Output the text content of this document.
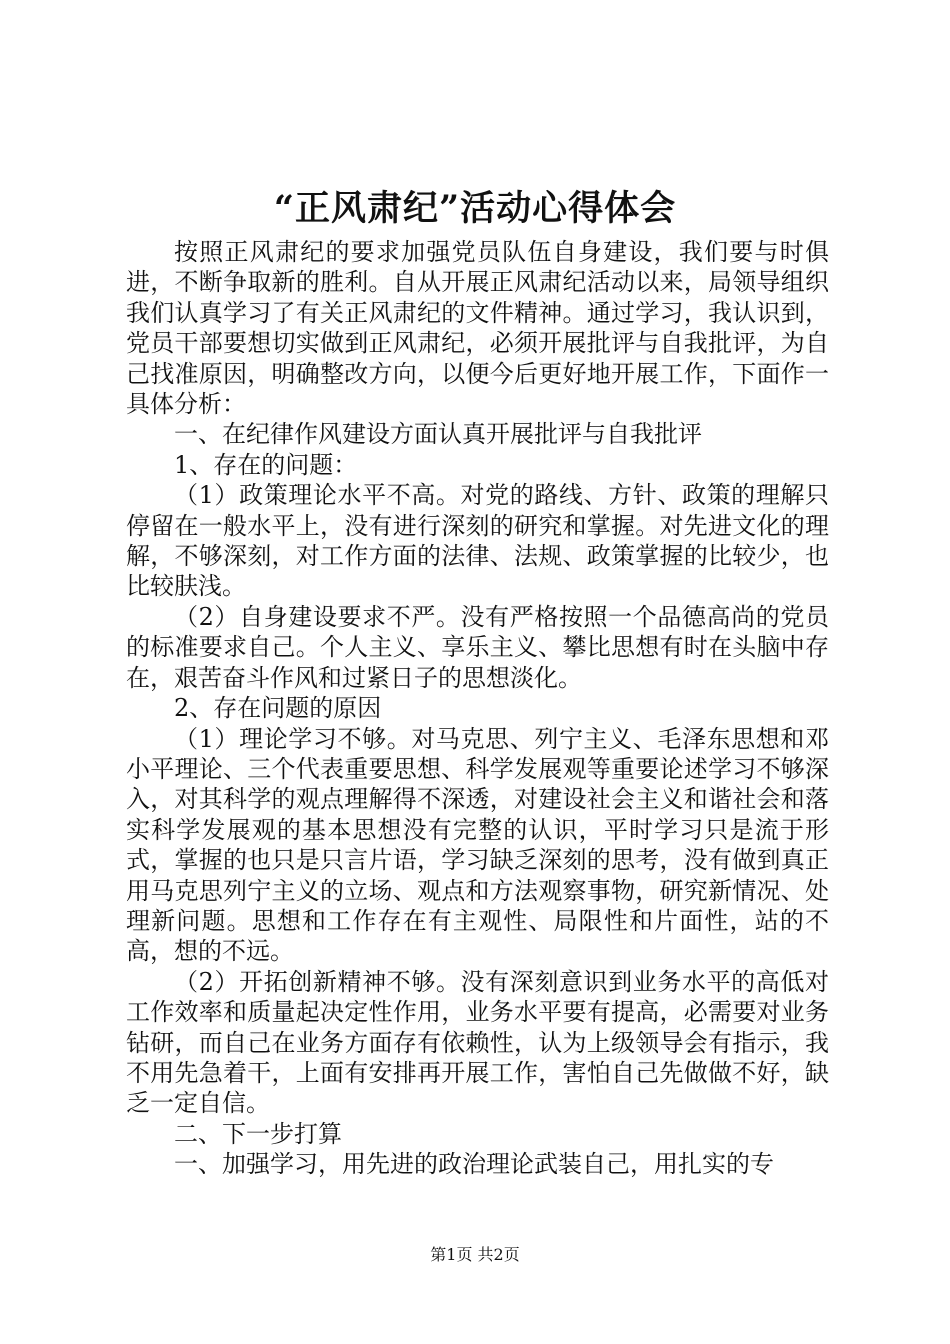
“正风肃纪”活动心得体会

按照正风肃纪的要求加强党员队伍自身建设，我们要与时俱进，不断争取新的胜利。自从开展正风肃纪活动以来，局领导组织我们认真学习了有关正风肃纪的文件精神。通过学习，我认识到，党员干部要想切实做到正风肃纪，必须开展批评与自我批评，为自己找准原因，明确整改方向，以便今后更好地开展工作，下面作一具体分析：

一、在纪律作风建设方面认真开展批评与自我批评

1、存在的问题：

（1）政策理论水平不高。对党的路线、方针、政策的理解只停留在一般水平上，没有进行深刻的研究和掌握。对先进文化的理解，不够深刻，对工作方面的法律、法规、政策掌握的比较少，也比较肤浅。

（2）自身建设要求不严。没有严格按照一个品德高尚的党员的标准要求自己。个人主义、享乐主义、攀比思想有时在头脑中存在，艰苦奋斗作风和过紧日子的思想淡化。

2、存在问题的原因

（1）理论学习不够。对马克思、列宁主义、毛泽东思想和邓小平理论、三个代表重要思想、科学发展观等重要论述学习不够深入，对其科学的观点理解得不深透，对建设社会主义和谐社会和落实科学发展观的基本思想没有完整的认识，平时学习只是流于形式，掌握的也只是只言片语，学习缺乏深刻的思考，没有做到真正用马克思列宁主义的立场、观点和方法观察事物，研究新情况、处理新问题。思想和工作存在有主观性、局限性和片面性，站的不高，想的不远。

（2）开拓创新精神不够。没有深刻意识到业务水平的高低对工作效率和质量起决定性作用，业务水平要有提高，必需要对业务钻研，而自己在业务方面存有依赖性，认为上级领导会有指示，我不用先急着干，上面有安排再开展工作，害怕自己先做做不好，缺乏一定自信。

二、下一步打算

一、加强学习，用先进的政治理论武装自己，用扎实的专

第1页 共2页
